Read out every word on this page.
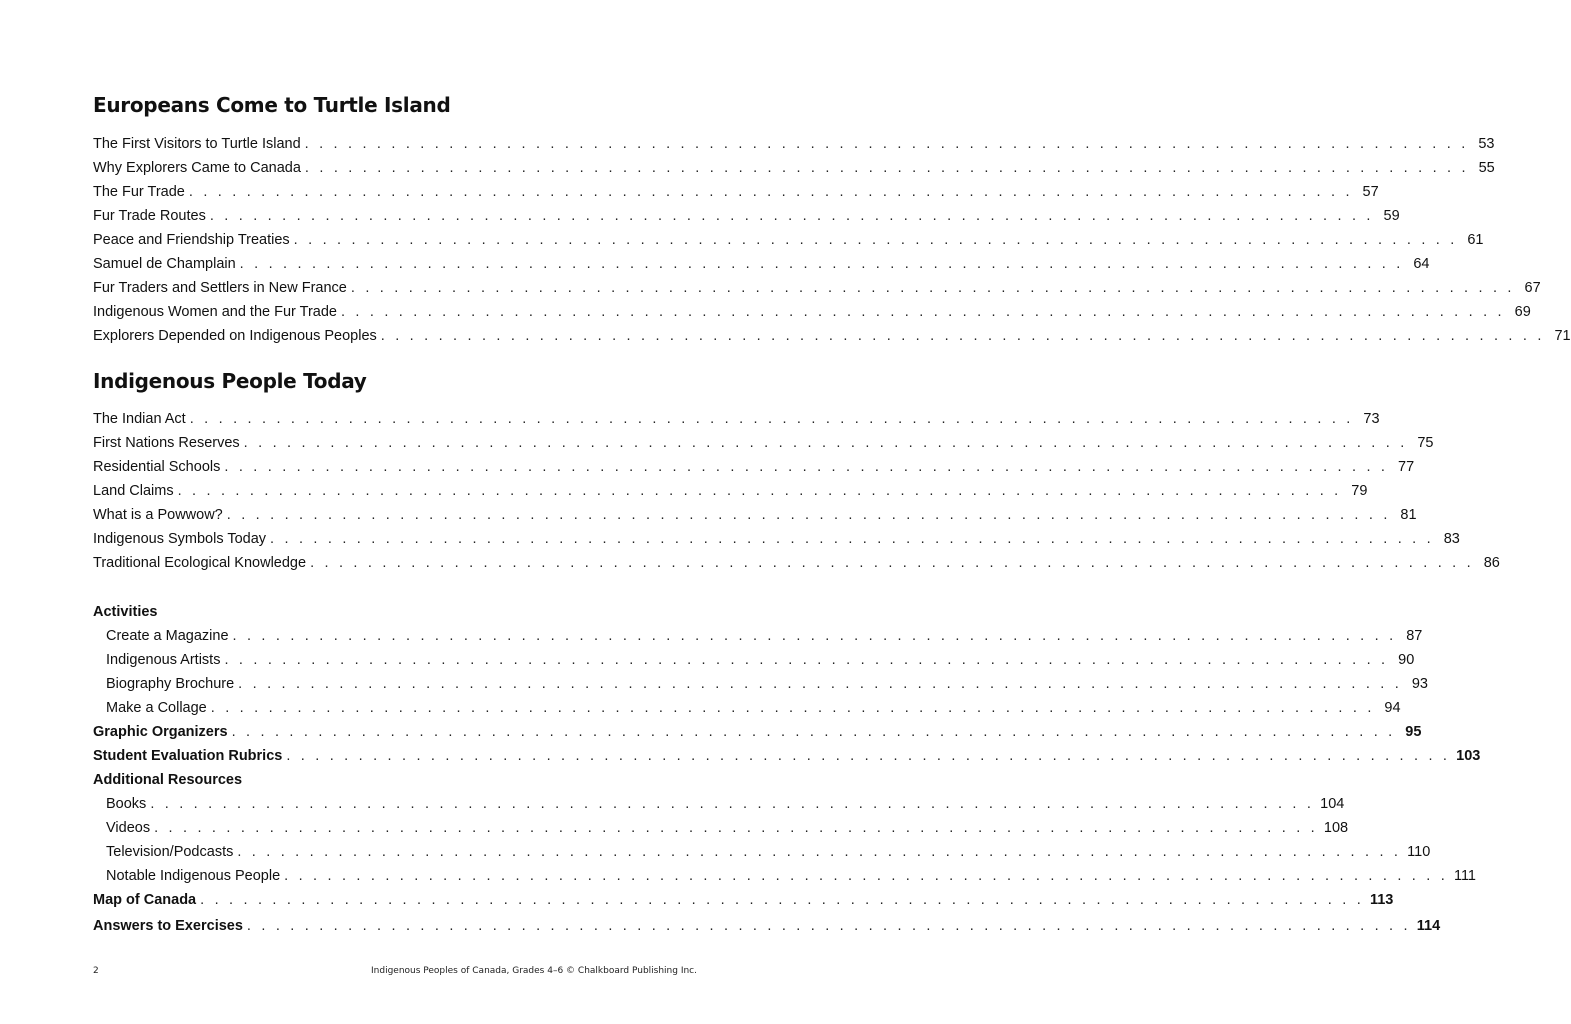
Europeans Come to Turtle Island
The First Visitors to Turtle Island . . . . . . . . . . . . . . . . . . . . . . . . . . . . . . . . . . . . . . . . . . . . . . . . . . . . . . . . . . . . . . . . . . . . . . . . . . . . . . . . . 53
Why Explorers Came to Canada . . . . . . . . . . . . . . . . . . . . . . . . . . . . . . . . . . . . . . . . . . . . . . . . . . . . . . . . . . . . . . . . . . . . . . . . . . . . . . . . . 55
The Fur Trade . . . . . . . . . . . . . . . . . . . . . . . . . . . . . . . . . . . . . . . . . . . . . . . . . . . . . . . . . . . . . . . . . . . . . . . . . . . . . . . . . 57
Fur Trade Routes . . . . . . . . . . . . . . . . . . . . . . . . . . . . . . . . . . . . . . . . . . . . . . . . . . . . . . . . . . . . . . . . . . . . . . . . . . . . . . . . . 59
Peace and Friendship Treaties . . . . . . . . . . . . . . . . . . . . . . . . . . . . . . . . . . . . . . . . . . . . . . . . . . . . . . . . . . . . . . . . . . . . . . . . . . . . . . . . . 61
Samuel de Champlain . . . . . . . . . . . . . . . . . . . . . . . . . . . . . . . . . . . . . . . . . . . . . . . . . . . . . . . . . . . . . . . . . . . . . . . . . . . . . . . . . 64
Fur Traders and Settlers in New France . . . . . . . . . . . . . . . . . . . . . . . . . . . . . . . . . . . . . . . . . . . . . . . . . . . . . . . . . . . . . . . . . . . . . . . . . . . . . . . . . 67
Indigenous Women and the Fur Trade . . . . . . . . . . . . . . . . . . . . . . . . . . . . . . . . . . . . . . . . . . . . . . . . . . . . . . . . . . . . . . . . . . . . . . . . . . . . . . . . . 69
Explorers Depended on Indigenous Peoples . . . . . . . . . . . . . . . . . . . . . . . . . . . . . . . . . . . . . . . . . . . . . . . . . . . . . . . . . . . . . . . . . . . . . . . . . . . . . . . . . 71
Indigenous People Today
The Indian Act . . . . . . . . . . . . . . . . . . . . . . . . . . . . . . . . . . . . . . . . . . . . . . . . . . . . . . . . . . . . . . . . . . . . . . . . . . . . . . . . . 73
First Nations Reserves . . . . . . . . . . . . . . . . . . . . . . . . . . . . . . . . . . . . . . . . . . . . . . . . . . . . . . . . . . . . . . . . . . . . . . . . . . . . . . . . . 75
Residential Schools . . . . . . . . . . . . . . . . . . . . . . . . . . . . . . . . . . . . . . . . . . . . . . . . . . . . . . . . . . . . . . . . . . . . . . . . . . . . . . . . . 77
Land Claims . . . . . . . . . . . . . . . . . . . . . . . . . . . . . . . . . . . . . . . . . . . . . . . . . . . . . . . . . . . . . . . . . . . . . . . . . . . . . . . . . 79
What is a Powwow? . . . . . . . . . . . . . . . . . . . . . . . . . . . . . . . . . . . . . . . . . . . . . . . . . . . . . . . . . . . . . . . . . . . . . . . . . . . . . . . . . 81
Indigenous Symbols Today . . . . . . . . . . . . . . . . . . . . . . . . . . . . . . . . . . . . . . . . . . . . . . . . . . . . . . . . . . . . . . . . . . . . . . . . . . . . . . . . . 83
Traditional Ecological Knowledge . . . . . . . . . . . . . . . . . . . . . . . . . . . . . . . . . . . . . . . . . . . . . . . . . . . . . . . . . . . . . . . . . . . . . . . . . . . . . . . . . 86
Activities
Create a Magazine . . . . . . . . . . . . . . . . . . . . . . . . . . . . . . . . . . . . . . . . . . . . . . . . . . . . . . . . . . . . . . . . . . . . . . . . . . . . . . . . . 87
Indigenous Artists . . . . . . . . . . . . . . . . . . . . . . . . . . . . . . . . . . . . . . . . . . . . . . . . . . . . . . . . . . . . . . . . . . . . . . . . . . . . . . . . . 90
Biography Brochure . . . . . . . . . . . . . . . . . . . . . . . . . . . . . . . . . . . . . . . . . . . . . . . . . . . . . . . . . . . . . . . . . . . . . . . . . . . . . . . . . 93
Make a Collage . . . . . . . . . . . . . . . . . . . . . . . . . . . . . . . . . . . . . . . . . . . . . . . . . . . . . . . . . . . . . . . . . . . . . . . . . . . . . . . . . 94
Graphic Organizers . . . . . . . . . . . . . . . . . . . . . . . . . . . . . . . . . . . . . . . . . . . . . . . . . . . . . . . . . . . . . . . . . . . . . . . . . . . . . . . . . 95
Student Evaluation Rubrics . . . . . . . . . . . . . . . . . . . . . . . . . . . . . . . . . . . . . . . . . . . . . . . . . . . . . . . . . . . . . . . . . . . . . . . . . . . . . . . . . 103
Additional Resources
Books . . . . . . . . . . . . . . . . . . . . . . . . . . . . . . . . . . . . . . . . . . . . . . . . . . . . . . . . . . . . . . . . . . . . . . . . . . . . . . . . . 104
Videos . . . . . . . . . . . . . . . . . . . . . . . . . . . . . . . . . . . . . . . . . . . . . . . . . . . . . . . . . . . . . . . . . . . . . . . . . . . . . . . . . 108
Television/Podcasts . . . . . . . . . . . . . . . . . . . . . . . . . . . . . . . . . . . . . . . . . . . . . . . . . . . . . . . . . . . . . . . . . . . . . . . . . . . . . . . . . 110
Notable Indigenous People . . . . . . . . . . . . . . . . . . . . . . . . . . . . . . . . . . . . . . . . . . . . . . . . . . . . . . . . . . . . . . . . . . . . . . . . . . . . . . . . . 111
Map of Canada . . . . . . . . . . . . . . . . . . . . . . . . . . . . . . . . . . . . . . . . . . . . . . . . . . . . . . . . . . . . . . . . . . . . . . . . . . . . . . . . . 113
Answers to Exercises . . . . . . . . . . . . . . . . . . . . . . . . . . . . . . . . . . . . . . . . . . . . . . . . . . . . . . . . . . . . . . . . . . . . . . . . . . . . . . . . . 114
2	Indigenous Peoples of Canada, Grades 4–6 © Chalkboard Publishing Inc.
